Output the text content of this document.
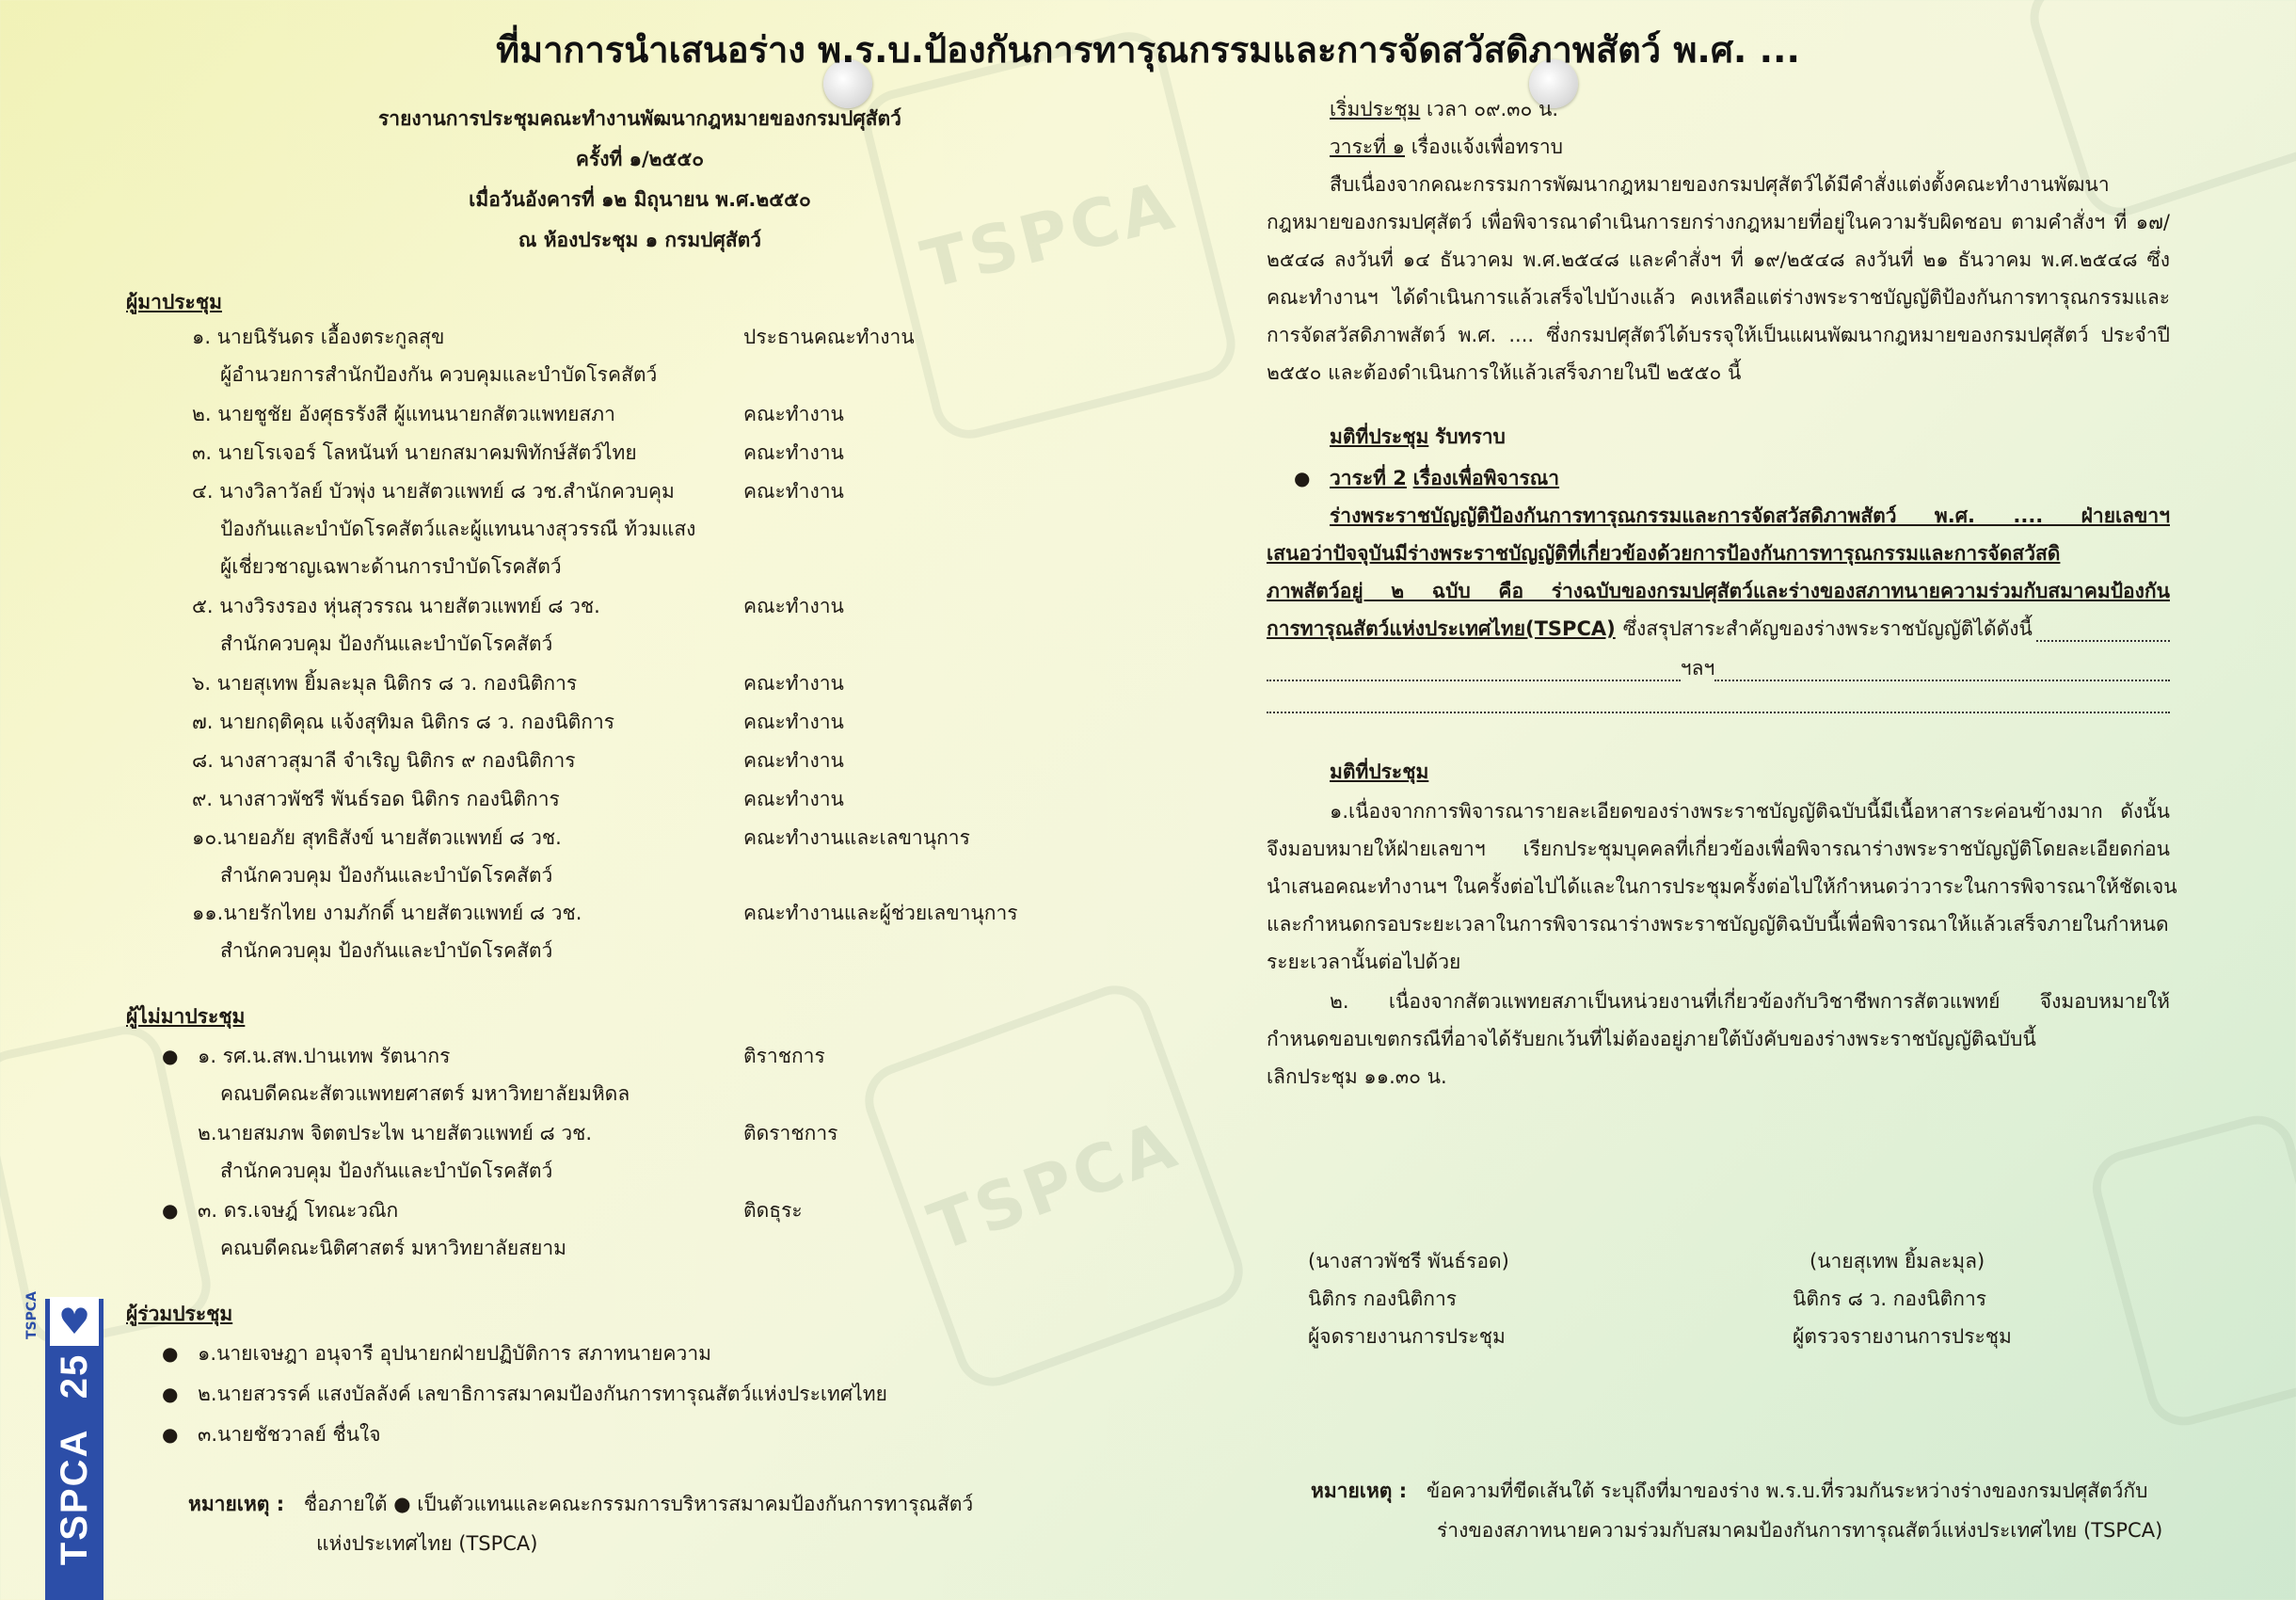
TSPCA
TSPCA
ที่มาการนำเสนอร่าง พ.ร.บ.ป้องกันการทารุณกรรมและการจัดสวัสดิภาพสัตว์ พ.ศ. ...
รายงานการประชุมคณะทำงานพัฒนากฎหมายของกรมปศุสัตว์
ครั้งที่ ๑/๒๕๕๐
เมื่อวันอังคารที่ ๑๒ มิถุนายน พ.ศ.๒๕๕๐
ณ ห้องประชุม ๑ กรมปศุสัตว์
ผู้มาประชุม
๑. นายนิรันดร เอื้องตระกูลสุข	ประธานคณะทำงาน
ผู้อำนวยการสำนักป้องกัน ควบคุมและบำบัดโรคสัตว์
๒. นายชูชัย อังศุธรรังสี ผู้แทนนายกสัตวแพทยสภา	คณะทำงาน
๓. นายโรเจอร์ โลหนันท์ นายกสมาคมพิทักษ์สัตว์ไทย	คณะทำงาน
๔. นางวิลาวัลย์ บัวพุ่ง นายสัตวแพทย์ ๘ วช.สำนักควบคุม	คณะทำงาน
ป้องกันและบำบัดโรคสัตว์และผู้แทนนางสุวรรณี ท้วมแสง
ผู้เชี่ยวชาญเฉพาะด้านการบำบัดโรคสัตว์
๕. นางวิรงรอง หุ่นสุวรรณ นายสัตวแพทย์ ๘ วช.	คณะทำงาน
สำนักควบคุม ป้องกันและบำบัดโรคสัตว์
๖. นายสุเทพ ยิ้มละมุล นิติกร ๘ ว. กองนิติการ	คณะทำงาน
๗. นายกฤติคุณ แจ้งสุทิมล นิติกร ๘ ว. กองนิติการ	คณะทำงาน
๘. นางสาวสุมาลี จำเริญ นิติกร ๙ กองนิติการ	คณะทำงาน
๙. นางสาวพัชรี พันธ์รอด นิติกร กองนิติการ	คณะทำงาน
๑๐.นายอภัย สุทธิสังข์ นายสัตวแพทย์ ๘ วช.	คณะทำงานและเลขานุการ
สำนักควบคุม ป้องกันและบำบัดโรคสัตว์
๑๑.นายรักไทย งามภักดิ์ นายสัตวแพทย์ ๘ วช.	คณะทำงานและผู้ช่วยเลขานุการ
สำนักควบคุม ป้องกันและบำบัดโรคสัตว์
ผู้ไม่มาประชุม
● ๑. รศ.น.สพ.ปานเทพ รัตนากร	ติราชการ
คณบดีคณะสัตวแพทยศาสตร์ มหาวิทยาลัยมหิดล
๒.นายสมภพ จิตตประไพ นายสัตวแพทย์ ๘ วช.	ติดราชการ
สำนักควบคุม ป้องกันและบำบัดโรคสัตว์
● ๓. ดร.เจษฎ์ โทณะวณิก	ติดธุระ
คณบดีคณะนิติศาสตร์ มหาวิทยาลัยสยาม
ผู้ร่วมประชุม
● ๑.นายเจษฎา อนุจารี อุปนายกฝ่ายปฏิบัติการ สภาทนายความ
● ๒.นายสวรรค์ แสงบัลลังค์ เลขาธิการสมาคมป้องกันการทารุณสัตว์แห่งประเทศไทย
● ๓.นายชัชวาลย์ ชื่นใจ
หมายเหตุ : ชื่อภายใต้ ● เป็นตัวแทนและคณะกรรมการบริหารสมาคมป้องกันการทารุณสัตว์
แห่งประเทศไทย (TSPCA)
เริ่มประชุม เวลา ๐๙.๓๐ น.
วาระที่ ๑ เรื่องแจ้งเพื่อทราบ
สืบเนื่องจากคณะกรรมการพัฒนากฎหมายของกรมปศุสัตว์ได้มีคำสั่งแต่งตั้งคณะทำงานพัฒนา
กฎหมายของกรมปศุสัตว์ เพื่อพิจารณาดำเนินการยกร่างกฎหมายที่อยู่ในความรับผิดชอบ ตามคำสั่งฯ ที่ ๑๗/
๒๕๔๘ ลงวันที่ ๑๔ ธันวาคม พ.ศ.๒๕๔๘ และคำสั่งฯ ที่ ๑๙/๒๕๔๘ ลงวันที่ ๒๑ ธันวาคม พ.ศ.๒๕๔๘ ซึ่ง
คณะทำงานฯ ได้ดำเนินการแล้วเสร็จไปบ้างแล้ว คงเหลือแต่ร่างพระราชบัญญัติป้องกันการทารุณกรรมและ
การจัดสวัสดิภาพสัตว์ พ.ศ. .... ซึ่งกรมปศุสัตว์ได้บรรจุให้เป็นแผนพัฒนากฎหมายของกรมปศุสัตว์ ประจำปี
๒๕๕๐ และต้องดำเนินการให้แล้วเสร็จภายในปี ๒๕๕๐ นี้
มติที่ประชุม รับทราบ
● วาระที่ 2 เรื่องเพื่อพิจารณา
ร่างพระราชบัญญัติป้องกันการทารุณกรรมและการจัดสวัสดิภาพสัตว์ พ.ศ. .... ฝ่ายเลขาฯ
เสนอว่าปัจจุบันมีร่างพระราชบัญญัติที่เกี่ยวข้องด้วยการป้องกันการทารุณกรรมและการจัดสวัสดิ
ภาพสัตว์อยู่ ๒ ฉบับ คือ ร่างฉบับของกรมปศุสัตว์และร่างของสภาทนายความร่วมกับสมาคมป้องกัน
การทารุณสัตว์แห่งประเทศไทย(TSPCA) ซึ่งสรุปสาระสำคัญของร่างพระราชบัญญัติได้ดังนี้
ฯลฯ
มติที่ประชุม
๑.เนื่องจากการพิจารณารายละเอียดของร่างพระราชบัญญัติฉบับนี้มีเนื้อหาสาระค่อนข้างมาก ดังนั้น
จึงมอบหมายให้ฝ่ายเลขาฯ เรียกประชุมบุคคลที่เกี่ยวข้องเพื่อพิจารณาร่างพระราชบัญญัติโดยละเอียดก่อน
นำเสนอคณะทำงานฯ ในครั้งต่อไปได้และในการประชุมครั้งต่อไปให้กำหนดว่าวาระในการพิจารณาให้ชัดเจน
และกำหนดกรอบระยะเวลาในการพิจารณาร่างพระราชบัญญัติฉบับนี้เพื่อพิจารณาให้แล้วเสร็จภายในกำหนด
ระยะเวลานั้นต่อไปด้วย
๒. เนื่องจากสัตวแพทยสภาเป็นหน่วยงานที่เกี่ยวข้องกับวิชาชีพการสัตวแพทย์ จึงมอบหมายให้
กำหนดขอบเขตกรณีที่อาจได้รับยกเว้นที่ไม่ต้องอยู่ภายใต้บังคับของร่างพระราชบัญญัติฉบับนี้
เลิกประชุม ๑๑.๓๐ น.
(นางสาวพัชรี พันธ์รอด)
นิติกร กองนิติการ
ผู้จดรายงานการประชุม
(นายสุเทพ ยิ้มละมุล)
นิติกร ๘ ว. กองนิติการ
ผู้ตรวจรายงานการประชุม
หมายเหตุ : ข้อความที่ขีดเส้นใต้ ระบุถึงที่มาของร่าง พ.ร.บ.ที่รวมกันระหว่างร่างของกรมปศุสัตว์กับ
ร่างของสภาทนายความร่วมกับสมาคมป้องกันการทารุณสัตว์แห่งประเทศไทย (TSPCA)
TSPCA
♥
TSPCA 25
